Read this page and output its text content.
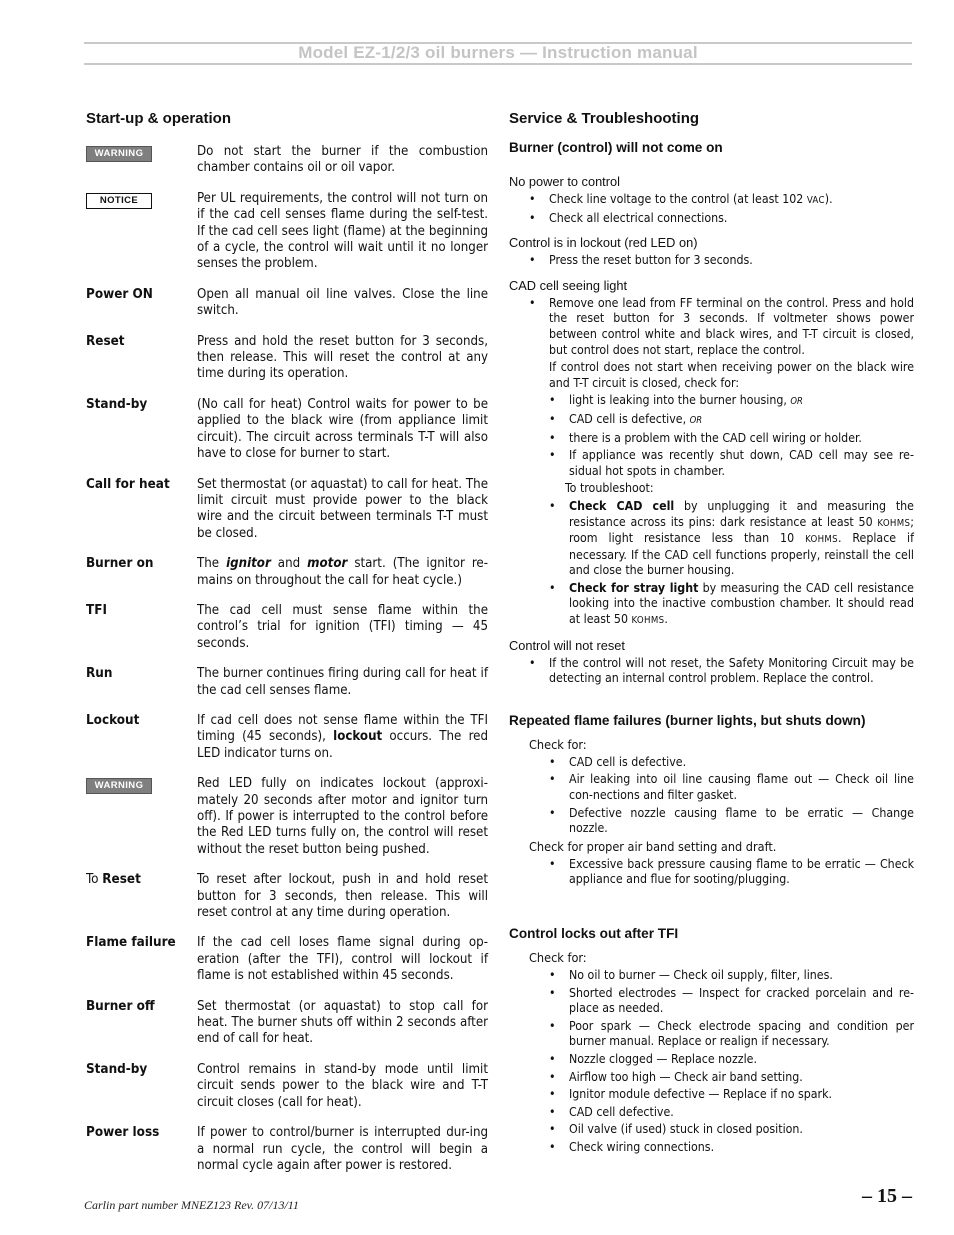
Model EZ-1/2/3 oil burners — Instruction manual
Start-up & operation
WARNING	Do not start the burner if the combustion chamber contains oil or oil vapor.
NOTICE	Per UL requirements, the control will not turn on if the cad cell senses flame during the self-test. If the cad cell sees light (flame) at the beginning of a cycle, the control will wait until it no longer senses the problem.
Power ON	Open all manual oil line valves. Close the line switch.
Reset	Press and hold the reset button for 3 seconds, then release. This will reset the control at any time during its operation.
Stand-by	(No call for heat) Control waits for power to be applied to the black wire (from appliance limit circuit). The circuit across terminals T-T will also have to close for burner to start.
Call for heat	Set thermostat (or aquastat) to call for heat. The limit circuit must provide power to the black wire and the circuit between terminals T-T must be closed.
Burner on	The ignitor and motor start. (The ignitor re-mains on throughout the call for heat cycle.)
TFI	The cad cell must sense flame within the control’s trial for ignition (TFI) timing — 45 seconds.
Run	The burner continues firing during call for heat if the cad cell senses flame.
Lockout	If cad cell does not sense flame within the TFI timing (45 seconds), lockout occurs. The red LED indicator turns on.
WARNING	Red LED fully on indicates lockout (approxi-mately 20 seconds after motor and ignitor turn off). If power is interrupted to the control before the Red LED turns fully on, the control will reset without the reset button being pushed.
To Reset	To reset after lockout, push in and hold reset button for 3 seconds, then release. This will reset control at any time during operation.
Flame failure	If the cad cell loses flame signal during op-eration (after the TFI), control will lockout if flame is not established within 45 seconds.
Burner off	Set thermostat (or aquastat) to stop call for heat. The burner shuts off within 2 seconds after end of call for heat.
Stand-by	Control remains in stand-by mode until limit circuit sends power to the black wire and T-T circuit closes (call for heat).
Power loss	If power to control/burner is interrupted dur-ing a normal run cycle, the control will begin a normal cycle again after power is restored.
Service & Troubleshooting
Burner (control) will not come on
No power to control
• Check line voltage to the control (at least 102 VAC).
• Check all electrical connections.
Control is in lockout (red LED on)
• Press the reset button for 3 seconds.
CAD cell seeing light
• Remove one lead from FF terminal on the control. Press and hold the reset button for 3 seconds. If voltmeter shows power between control white and black wires, and T-T circuit is closed, but control does not start, replace the control.
If control does not start when receiving power on the black wire and T-T circuit is closed, check for:
• light is leaking into the burner housing, OR
• CAD cell is defective, OR
• there is a problem with the CAD cell wiring or holder.
• If appliance was recently shut down, CAD cell may see re-sidual hot spots in chamber.
To troubleshoot:
• Check CAD cell by unplugging it and measuring the resistance across its pins: dark resistance at least 50 KOHMS; room light resistance less than 10 KOHMS. Replace if necessary. If the CAD cell functions properly, reinstall the cell and close the burner housing.
• Check for stray light by measuring the CAD cell resistance looking into the inactive combustion chamber. It should read at least 50 KOHMS.
Control will not reset
• If the control will not reset, the Safety Monitoring Circuit may be detecting an internal control problem. Replace the control.
Repeated flame failures (burner lights, but shuts down)
Check for:
• CAD cell is defective.
• Air leaking into oil line causing flame out — Check oil line con-nections and filter gasket.
• Defective nozzle causing flame to be erratic — Change nozzle.
Check for proper air band setting and draft.
• Excessive back pressure causing flame to be erratic — Check appliance and flue for sooting/plugging.
Control locks out after TFI
Check for:
• No oil to burner — Check oil supply, filter, lines.
• Shorted electrodes — Inspect for cracked porcelain and re-place as needed.
• Poor spark — Check electrode spacing and condition per burner manual. Replace or realign if necessary.
• Nozzle clogged — Replace nozzle.
• Airflow too high — Check air band setting.
• Ignitor module defective — Replace if no spark.
• CAD cell defective.
• Oil valve (if used) stuck in closed position.
• Check wiring connections.
Carlin part number MNEZ123 Rev. 07/13/11	– 15 –
